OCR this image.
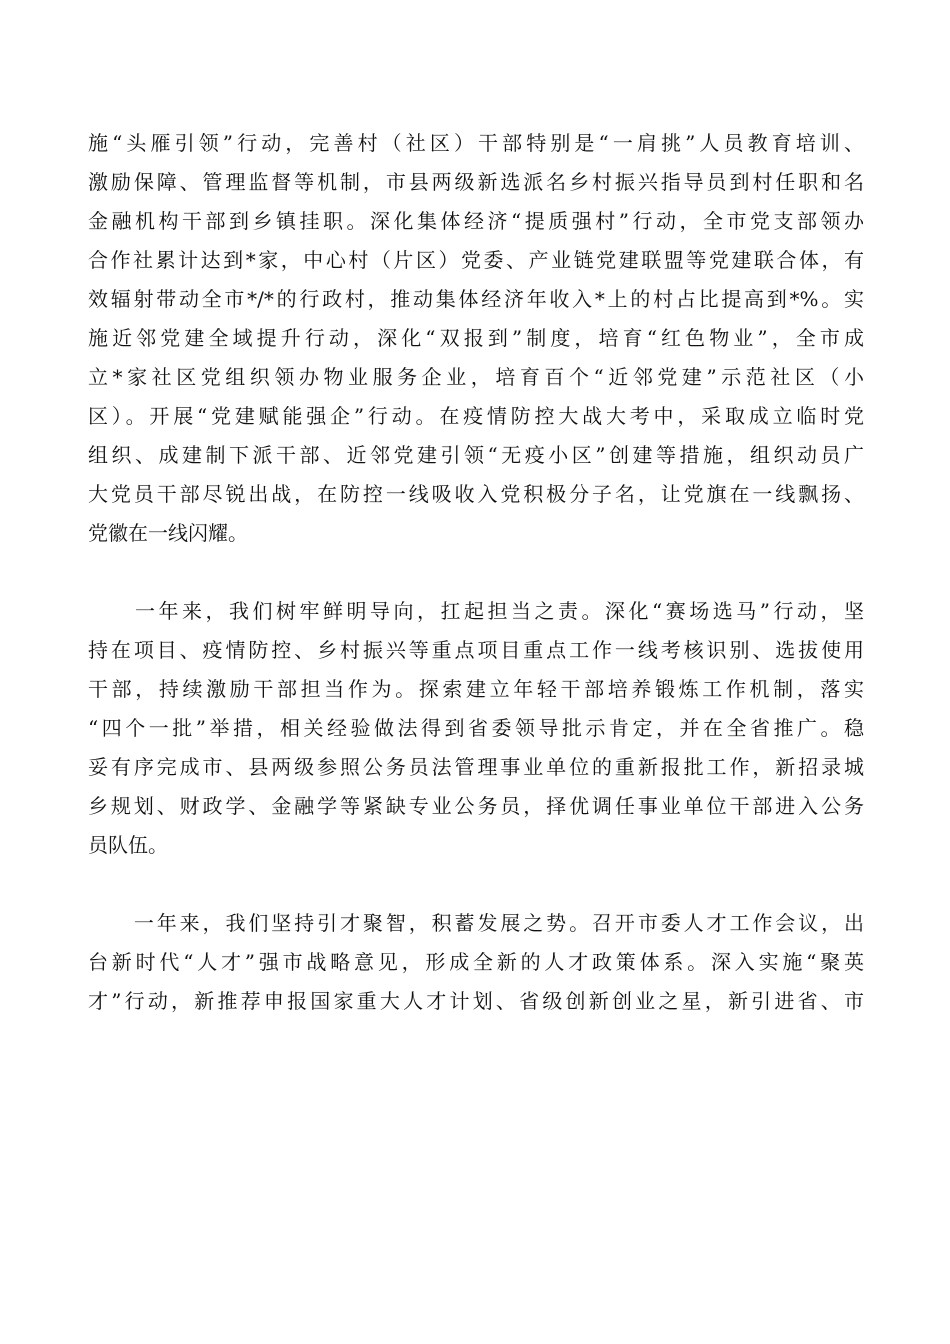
施“头雁引领”行动，完善村（社区）干部特别是“一肩挑”人员教育培训、
激励保障、管理监督等机制，市县两级新选派名乡村振兴指导员到村任职和名
金融机构干部到乡镇挂职。深化集体经济“提质强村”行动，全市党支部领办
合作社累计达到*家，中心村（片区）党委、产业链党建联盟等党建联合体，有
效辐射带动全市*/*的行政村，推动集体经济年收入*上的村占比提高到*%。实
施近邻党建全域提升行动，深化“双报到”制度，培育“红色物业”，全市成
立*家社区党组织领办物业服务企业，培育百个“近邻党建”示范社区（小
区）。开展“党建赋能强企”行动。在疫情防控大战大考中，采取成立临时党
组织、成建制下派干部、近邻党建引领“无疫小区”创建等措施，组织动员广
大党员干部尽锐出战，在防控一线吸收入党积极分子名，让党旗在一线飘扬、
党徽在一线闪耀。
　　一年来，我们树牢鲜明导向，扛起担当之责。深化“赛场选马”行动，坚
持在项目、疫情防控、乡村振兴等重点项目重点工作一线考核识别、选拔使用
干部，持续激励干部担当作为。探索建立年轻干部培养锻炼工作机制，落实
“四个一批”举措，相关经验做法得到省委领导批示肯定，并在全省推广。稳
妥有序完成市、县两级参照公务员法管理事业单位的重新报批工作，新招录城
乡规划、财政学、金融学等紧缺专业公务员，择优调任事业单位干部进入公务
员队伍。
　　一年来，我们坚持引才聚智，积蓄发展之势。召开市委人才工作会议，出
台新时代“人才”强市战略意见，形成全新的人才政策体系。深入实施“聚英
才”行动，新推荐申报国家重大人才计划、省级创新创业之星，新引进省、市
